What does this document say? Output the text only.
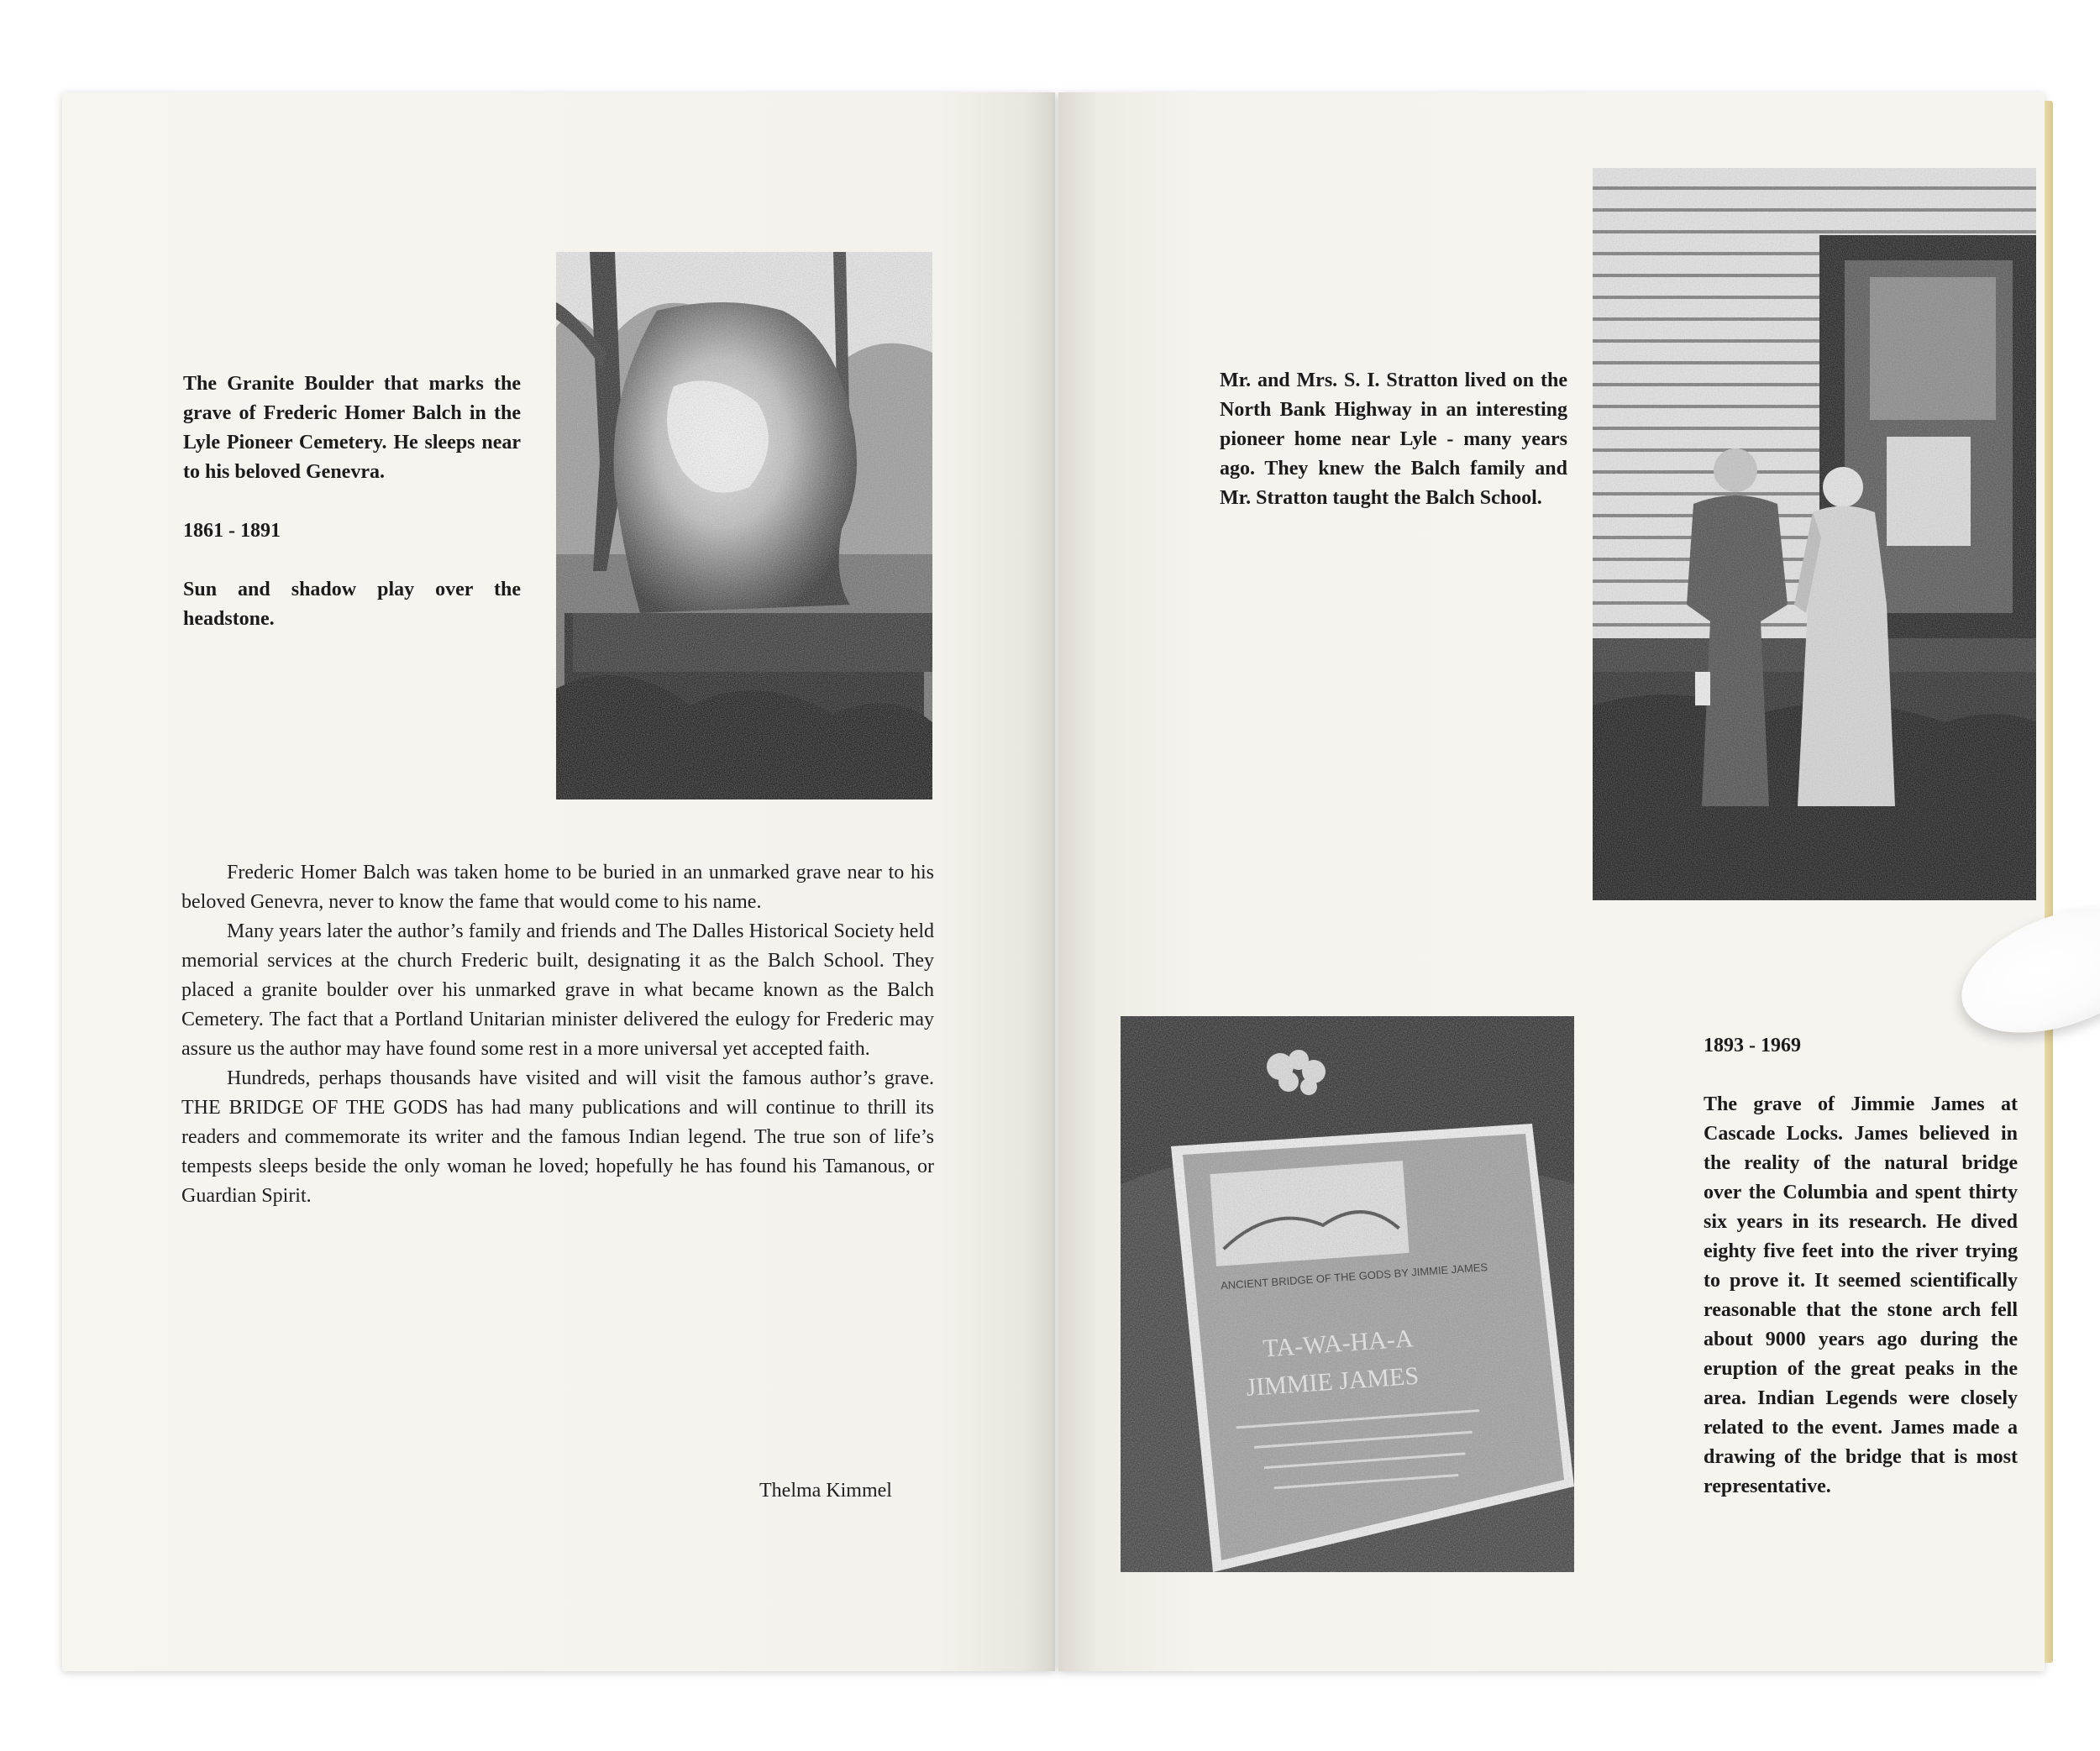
The Granite Boulder that marks the grave of Frederic Homer Balch in the Lyle Pioneer Cemetery. He sleeps near to his beloved Genevra.

1861 - 1891

Sun and shadow play over the headstone.

Frederic Homer Balch was taken home to be buried in an unmarked grave near to his beloved Genevra, never to know the fame that would come to his name.

Many years later the author’s family and friends and The Dalles Historical Society held memorial services at the church Frederic built, designating it as the Balch School. They placed a granite boulder over his unmarked grave in what became known as the Balch Cemetery. The fact that a Portland Unitarian minister delivered the eulogy for Frederic may assure us the author may have found some rest in a more universal yet accepted faith.

Hundreds, perhaps thousands have visited and will visit the famous author’s grave. THE BRIDGE OF THE GODS has had many publications and will continue to thrill its readers and commemorate its writer and the famous Indian legend. The true son of life’s tempests sleeps beside the only woman he loved; hopefully he has found his Tamanous, or Guardian Spirit.

Thelma Kimmel
Mr. and Mrs. S. I. Stratton lived on the North Bank Highway in an interesting pioneer home near Lyle - many years ago. They knew the Balch family and Mr. Stratton taught the Balch School.

1893 - 1969

The grave of Jimmie James at Cascade Locks. James believed in the reality of the natural bridge over the Columbia and spent thirty six years in its research. He dived eighty five feet into the river trying to prove it. It seemed scientifically reasonable that the stone arch fell about 9000 years ago during the eruption of the great peaks in the area. Indian Legends were closely related to the event. James made a drawing of the bridge that is most representative.
